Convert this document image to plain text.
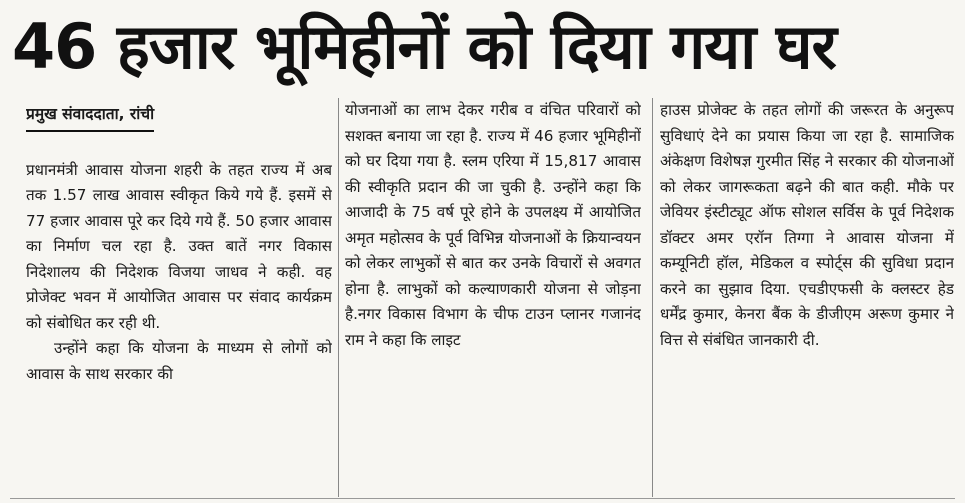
46 हजार भूमिहीनों को दिया गया घर
प्रमुख संवाददाता, रांची

प्रधानमंत्री आवास योजना शहरी के तहत राज्य में अब तक 1.57 लाख आवास स्वीकृत किये गये हैं. इसमें से 77 हजार आवास पूरे कर दिये गये हैं. 50 हजार आवास का निर्माण चल रहा है. उक्त बातें नगर विकास निदेशालय की निदेशक विजया जाधव ने कही. वह प्रोजेक्ट भवन में आयोजित आवास पर संवाद कार्यक्रम को संबोधित कर रही थी.

उन्होंने कहा कि योजना के माध्यम से लोगों को आवास के साथ सरकार की

योजनाओं का लाभ देकर गरीब व वंचित परिवारों को सशक्त बनाया जा रहा है. राज्य में 46 हजार भूमिहीनों को घर दिया गया है. स्लम एरिया में 15,817 आवास की स्वीकृति प्रदान की जा चुकी है. उन्होंने कहा कि आजादी के 75 वर्ष पूरे होने के उपलक्ष्य में आयोजित अमृत महोत्सव के पूर्व विभिन्न योजनाओं के क्रियान्वयन को लेकर लाभुकों से बात कर उनके विचारों से अवगत होना है. लाभुकों को कल्याणकारी योजना से जोड़ना है.नगर विकास विभाग के चीफ टाउन प्लानर गजानंद राम ने कहा कि लाइट

हाउस प्रोजेक्ट के तहत लोगों की जरूरत के अनुरूप सुविधाएं देने का प्रयास किया जा रहा है. सामाजिक अंकेक्षण विशेषज्ञ गुरमीत सिंह ने सरकार की योजनाओं को लेकर जागरूकता बढ़ने की बात कही. मौके पर जेवियर इंस्टीट्यूट ऑफ सोशल सर्विस के पूर्व निदेशक डॉक्टर अमर एरॉन तिग्गा ने आवास योजना में कम्यूनिटी हॉल, मेडिकल व स्पोर्ट्स की सुविधा प्रदान करने का सुझाव दिया. एचडीएफसी के क्लस्टर हेड धर्मेंद्र कुमार, केनरा बैंक के डीजीएम अरूण कुमार ने वित्त से संबंधित जानकारी दी.
